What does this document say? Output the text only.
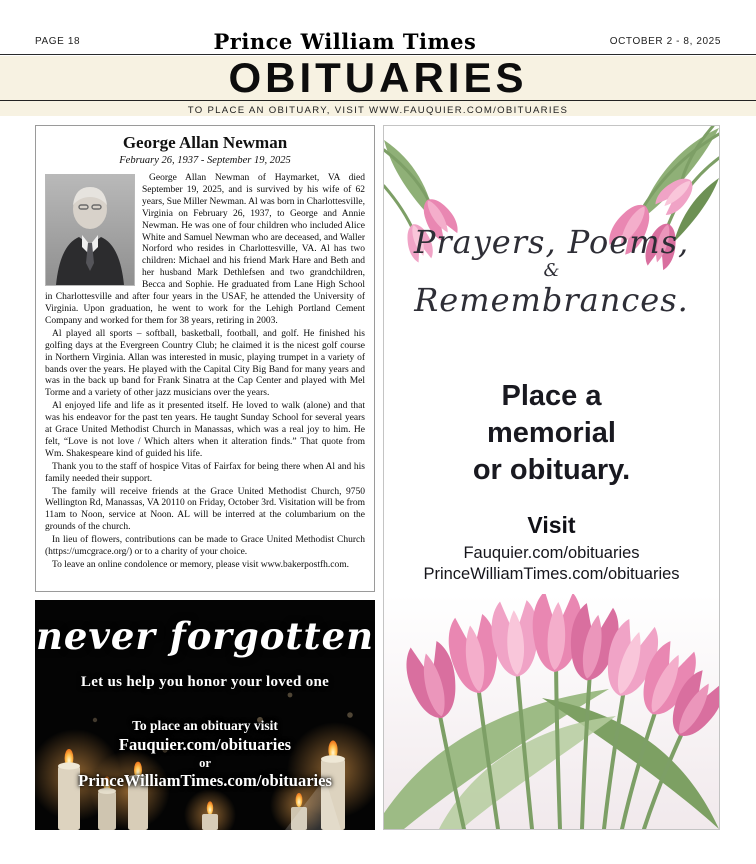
PAGE 18	Prince William Times	OCTOBER 2 - 8, 2025
OBITUARIES

TO PLACE AN OBITUARY, VISIT WWW.FAUQUIER.COM/OBITUARIES

George Allan Newman

February 26, 1937 - September 19, 2025

George Allan Newman of Haymarket, VA died September 19, 2025, and is survived by his wife of 62 years, Sue Miller Newman. Al was born in Charlottesville, Virginia on February 26, 1937, to George and Annie Newman. He was one of four children who included Alice White and Samuel Newman who are deceased, and Waller Norford who resides in Charlottesville, VA. Al has two children: Michael and his friend Mark Hare and Beth and her husband Mark Dethlefsen and two grandchildren, Becca and Sophie. He graduated from Lane High School in Charlottesville and after four years in the USAF, he attended the University of Virginia. Upon graduation, he went to work for the Lehigh Portland Cement Company and worked for them for 38 years, retiring in 2003.

Al played all sports – softball, basketball, football, and golf. He finished his golfing days at the Evergreen Country Club; he claimed it is the nicest golf course in Northern Virginia. Allan was interested in music, playing trumpet in a variety of bands over the years. He played with the Capital City Big Band for many years and was in the back up band for Frank Sinatra at the Cap Center and played with Mel Torme and a variety of other jazz musicians over the years.

Al enjoyed life and life as it presented itself. He loved to walk (alone) and that was his endeavor for the past ten years. He taught Sunday School for several years at Grace United Methodist Church in Manassas, which was a real joy to him. He felt, “Love is not love / Which alters when it alteration finds.” That quote from Wm. Shakespeare kind of guided his life.

Thank you to the staff of hospice Vitas of Fairfax for being there when Al and his family needed their support.

The family will receive friends at the Grace United Methodist Church, 9750 Wellington Rd, Manassas, VA 20110 on Friday, October 3rd. Visitation will be from 11am to Noon, service at Noon. AL will be interred at the columbarium on the grounds of the church.

In lieu of flowers, contributions can be made to Grace United Methodist Church (https://umcgrace.org/) or to a charity of your choice.

To leave an online condolence or memory, please visit www.bakerpostfh.com.

never forgotten
Let us help you honor your loved one
To place an obituary visit
Fauquier.com/obituaries
or
PrinceWilliamTimes.com/obituaries
Prayers, Poems,
&
Remembrances.
Place a
memorial
or obituary.
Visit
Fauquier.com/obituaries
PrinceWilliamTimes.com/obituaries
